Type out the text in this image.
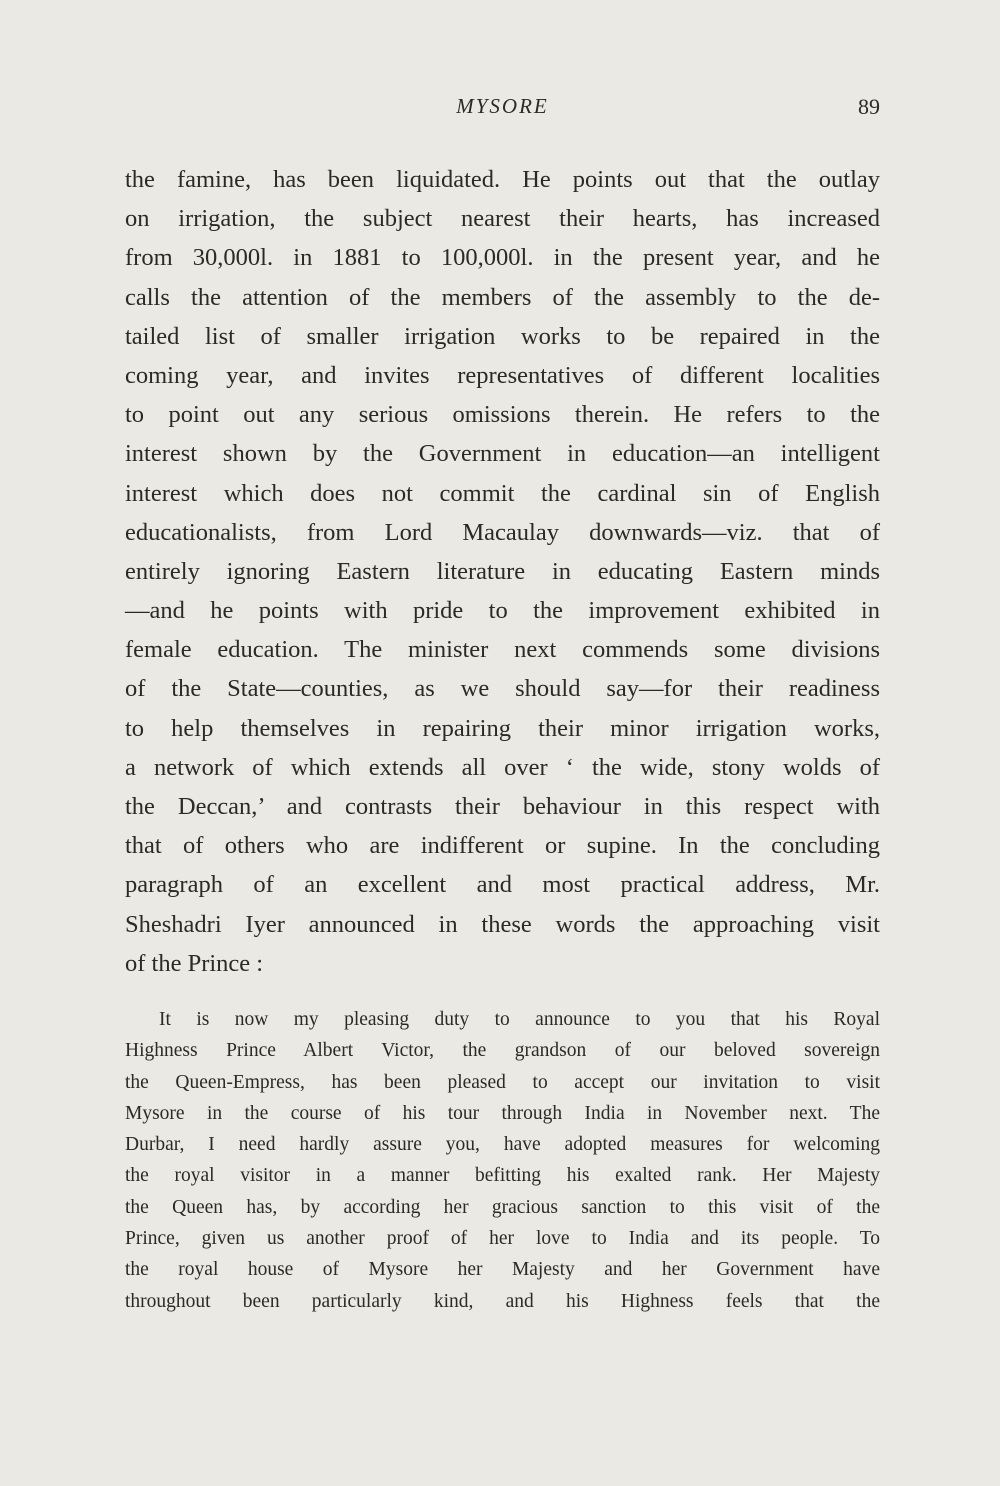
MYSORE	89
the famine, has been liquidated. He points out that the outlay
on irrigation, the subject nearest their hearts, has increased
from 30,000l. in 1881 to 100,000l. in the present year, and he
calls the attention of the members of the assembly to the de-
tailed list of smaller irrigation works to be repaired in the
coming year, and invites representatives of different localities
to point out any serious omissions therein. He refers to the
interest shown by the Government in education—an intelligent
interest which does not commit the cardinal sin of English
educationalists, from Lord Macaulay downwards—viz. that of
entirely ignoring Eastern literature in educating Eastern minds
—and he points with pride to the improvement exhibited in
female education. The minister next commends some divisions
of the State—counties, as we should say—for their readiness
to help themselves in repairing their minor irrigation works,
a network of which extends all over ‘ the wide, stony wolds of
the Deccan,’ and contrasts their behaviour in this respect with
that of others who are indifferent or supine. In the concluding
paragraph of an excellent and most practical address, Mr.
Sheshadri Iyer announced in these words the approaching visit
of the Prince :
It is now my pleasing duty to announce to you that his Royal
Highness Prince Albert Victor, the grandson of our beloved sovereign
the Queen-Empress, has been pleased to accept our invitation to visit
Mysore in the course of his tour through India in November next. The
Durbar, I need hardly assure you, have adopted measures for welcoming
the royal visitor in a manner befitting his exalted rank. Her Majesty
the Queen has, by according her gracious sanction to this visit of the
Prince, given us another proof of her love to India and its people. To
the royal house of Mysore her Majesty and her Government have
throughout been particularly kind, and his Highness feels that the
